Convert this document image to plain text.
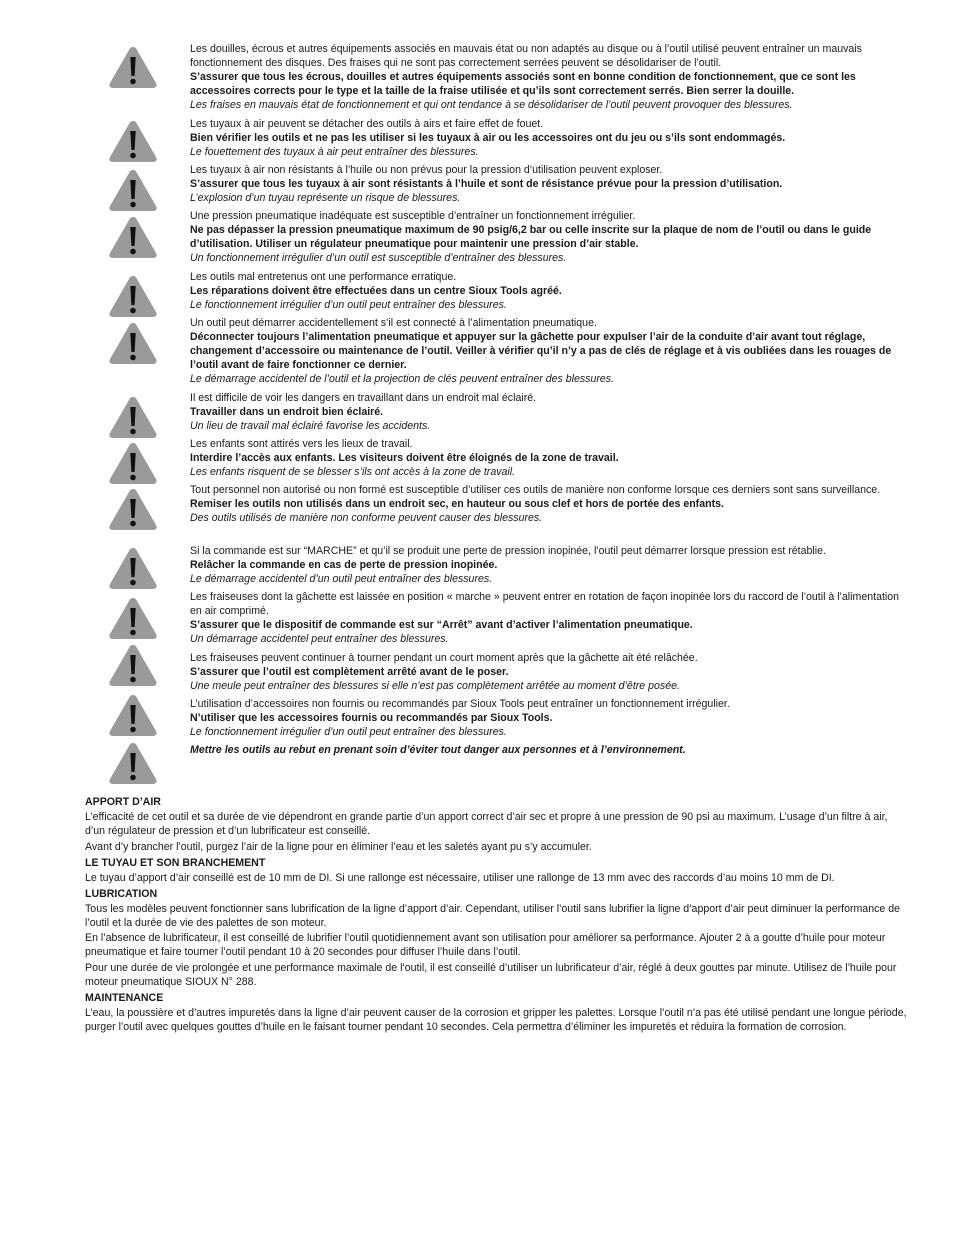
Les douilles, écrous et autres équipements associés en mauvais état ou non adaptés au disque ou à l’outil utilisé peuvent entraîner un mauvais fonctionnement des disques. Des fraises qui ne sont pas correctement serrées peuvent se désolidariser de l’outil.

S’assurer que tous les écrous, douilles et autres équipements associés sont en bonne condition de fonctionnement, que ce sont les accessoires corrects pour le type et la taille de la fraise utilisée et qu’ils sont correctement serrés. Bien serrer la douille.

Les fraises en mauvais état de fonctionnement et qui ont tendance à se désolidariser de l’outil peuvent provoquer des blessures.

Les tuyaux à air peuvent se détacher des outils à airs et faire effet de fouet.

Bien vérifier les outils et ne pas les utiliser si les tuyaux à air ou les accessoires ont du jeu ou s’ils sont endommagés.

Le fouettement des tuyaux à air peut entraîner des blessures.

Les tuyaux à air non résistants à l’huile ou non prévus pour la pression d’utilisation peuvent exploser.

S’assurer que tous les tuyaux à air sont résistants à l’huile et sont de résistance prévue pour la pression d’utilisation.

L’explosion d’un tuyau représente un risque de blessures.

Une pression pneumatique inadéquate est susceptible d’entraîner un fonctionnement irrégulier.

Ne pas dépasser la pression pneumatique maximum de 90 psig/6,2 bar ou celle inscrite sur la plaque de nom de l’outil ou dans le guide d’utilisation. Utiliser un régulateur pneumatique pour maintenir une pression d’air stable.

Un fonctionnement irrégulier d’un outil est susceptible d’entraîner des blessures.

Les outils mal entretenus ont une performance erratique.

Les réparations doivent être effectuées dans un centre Sioux Tools agréé.

Le fonctionnement irrégulier d’un outil peut entraîner des blessures.

Un outil peut démarrer accidentellement s’il est connecté à l’alimentation pneumatique.

Déconnecter toujours l’alimentation pneumatique et appuyer sur la gâchette pour expulser l’air de la conduite d’air avant tout réglage, changement d’accessoire ou maintenance de l’outil. Veiller à vérifier qu’il n’y a pas de clés de réglage et à vis oubliées dans les rouages de l’outil avant de faire fonctionner ce dernier.

Le démarrage accidentel de l’outil et la projection de clés peuvent entraîner des blessures.

Il est difficile de voir les dangers en travaillant dans un endroit mal éclairé.

Travailler dans un endroit bien éclairé.

Un lieu de travail mal éclairé favorise les accidents.

Les enfants sont attirés vers les lieux de travail.

Interdire l’accès aux enfants. Les visiteurs doivent être éloignés de la zone de travail.

Les enfants risquent de se blesser s’ils ont accès à la zone de travail.

Tout personnel non autorisé ou non formé est susceptible d’utiliser ces outils de manière non conforme lorsque ces derniers sont sans surveillance.

Remiser les outils non utilisés dans un endroit sec, en hauteur ou sous clef et hors de portée des enfants.

Des outils utilisés de manière non conforme peuvent causer des blessures.

Si la commande est sur “MARCHE” et qu’il se produit une perte de pression inopinée, l’outil peut démarrer lorsque pression est rétablie.

Relâcher la commande en cas de perte de pression inopinée.

Le démarrage accidentel d’un outil peut entraîner des blessures.

Les fraiseuses dont la gâchette est laissée en position « marche » peuvent entrer en rotation de façon inopinée lors du raccord de l’outil à l’alimentation en air comprimé.

S’assurer que le dispositif de commande est sur “Arrêt” avant d’activer l’alimentation pneumatique.

Un démarrage accidentel peut entraîner des blessures.

Les fraiseuses peuvent continuer à tourner pendant un court moment après que la gâchette ait été relâchée.

S’assurer que l’outil est complètement arrêté avant de le poser.

Une meule peut entraîner des blessures si elle n’est pas complètement arrêtée au moment d’être posée.

L’utilisation d’accessoires non fournis ou recommandés par Sioux Tools peut entraîner un fonctionnement irrégulier.

N’utiliser que les accessoires fournis ou recommandés par Sioux Tools.

Le fonctionnement irrégulier d’un outil peut entraîner des blessures.

Mettre les outils au rebut en prenant soin d’éviter tout danger aux personnes et à l’environnement.

APPORT D’AIR

L’efficacité de cet outil et sa durée de vie dépendront en grande partie d’un apport correct d’air sec et propre à une pression de 90 psi au maximum. L’usage d’un filtre à air, d’un régulateur de pression et d’un lubrificateur est conseillé.

Avant d’y brancher l’outil, purgez l’air de la ligne pour en éliminer l’eau et les saletés ayant pu s’y accumuler.

LE TUYAU ET SON BRANCHEMENT

Le tuyau d’apport d’air conseillé est de 10 mm de DI. Si une rallonge est nécessaire, utiliser une rallonge de 13 mm avec des raccords d’au moins 10 mm de DI.

LUBRICATION

Tous les modèles peuvent fonctionner sans lubrification de la ligne d’apport d’air. Cependant, utiliser l’outil sans lubrifier la ligne d’apport d’air peut diminuer la performance de l’outil et la durée de vie des palettes de son moteur.

En l’absence de lubrificateur, il est conseillé de lubrifier l’outil quotidiennement avant son utilisation pour améliorer sa performance. Ajouter 2 à a goutte d’huile pour moteur pneumatique et faire tourner l’outil pendant 10 à 20 secondes pour diffuser l’huile dans l’outil.

Pour une durée de vie prolongée et une performance maximale de l’outil, il est conseillé d’utiliser un lubrificateur d’air, réglé à deux gouttes par minute. Utilisez de l’huile pour moteur pneumatique SIOUX N° 288.

MAINTENANCE

L’eau, la poussière et d’autres impuretés dans la ligne d’air peuvent causer de la corrosion et gripper les palettes. Lorsque l’outil n’a pas été utilisé pendant une longue période, purger l’outil avec quelques gouttes d’huile en le faisant tourner pendant 10 secondes. Cela permettra d’éliminer les impuretés et réduira la formation de corrosion.
